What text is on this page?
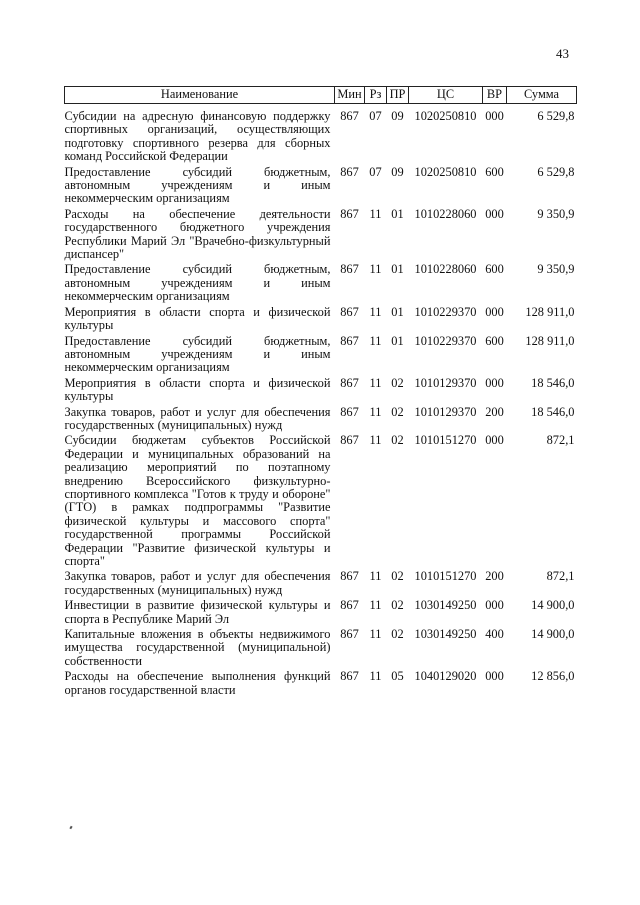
43
Наименование	Мин	Рз	ПР	ЦС	ВР	Сумма
Субсидии на адресную финансовую поддержку спортивных организаций, осуществляющих подготовку спортивного резерва для сборных команд Российской Федерации	867	07	09	1020250810	000	6 529,8
Предоставление субсидий бюджетным, автономным учреждениям и иным некоммерческим организациям	867	07	09	1020250810	600	6 529,8
Расходы на обеспечение деятельности государственного бюджетного учреждения Республики Марий Эл "Врачебно-физкультурный диспансер"	867	11	01	1010228060	000	9 350,9
Предоставление субсидий бюджетным, автономным учреждениям и иным некоммерческим организациям	867	11	01	1010228060	600	9 350,9
Мероприятия в области спорта и физической культуры	867	11	01	1010229370	000	128 911,0
Предоставление субсидий бюджетным, автономным учреждениям и иным некоммерческим организациям	867	11	01	1010229370	600	128 911,0
Мероприятия в области спорта и физической культуры	867	11	02	1010129370	000	18 546,0
Закупка товаров, работ и услуг для обеспечения государственных (муниципальных) нужд	867	11	02	1010129370	200	18 546,0
Субсидии бюджетам субъектов Российской Федерации и муниципальных образований на реализацию мероприятий по поэтапному внедрению Всероссийского физкультурно-спортивного комплекса "Готов к труду и обороне" (ГТО) в рамках подпрограммы "Развитие физической культуры и массового спорта" государственной программы Российской Федерации "Развитие физической культуры и спорта"	867	11	02	1010151270	000	872,1
Закупка товаров, работ и услуг для обеспечения государственных (муниципальных) нужд	867	11	02	1010151270	200	872,1
Инвестиции в развитие физической культуры и спорта в Республике Марий Эл	867	11	02	1030149250	000	14 900,0
Капитальные вложения в объекты недвижимого имущества государственной (муниципальной) собственности	867	11	02	1030149250	400	14 900,0
Расходы на обеспечение выполнения функций органов государственной власти	867	11	05	1040129020	000	12 856,0
